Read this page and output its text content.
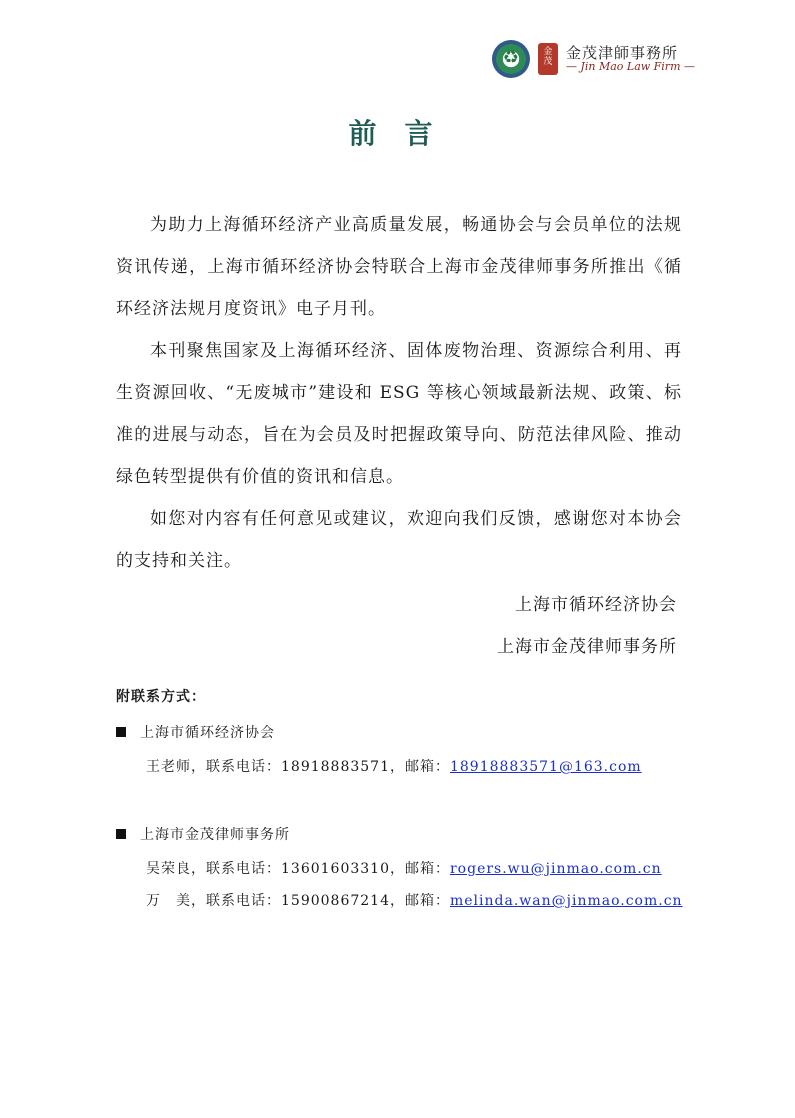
♻
金
茂
金茂津師事務所
— Jin Mao Law Firm —
前言

为助力上海循环经济产业高质量发展，畅通协会与会员单位的法规资讯传递，上海市循环经济协会特联合上海市金茂律师事务所推出《循环经济法规月度资讯》电子月刊。

本刊聚焦国家及上海循环经济、固体废物治理、资源综合利用、再生资源回收、“无废城市”建设和 ESG 等核心领域最新法规、政策、标准的进展与动态，旨在为会员及时把握政策导向、防范法律风险、推动绿色转型提供有价值的资讯和信息。

如您对内容有任何意见或建议，欢迎向我们反馈，感谢您对本协会的支持和关注。

上海市循环经济协会
上海市金茂律师事务所
附联系方式：
上海市循环经济协会
王老师，联系电话：18918883571，邮箱：18918883571@163.com
上海市金茂律师事务所
吴荣良，联系电话：13601603310，邮箱：rogers.wu@jinmao.com.cn
万　美，联系电话：15900867214，邮箱：melinda.wan@jinmao.com.cn
